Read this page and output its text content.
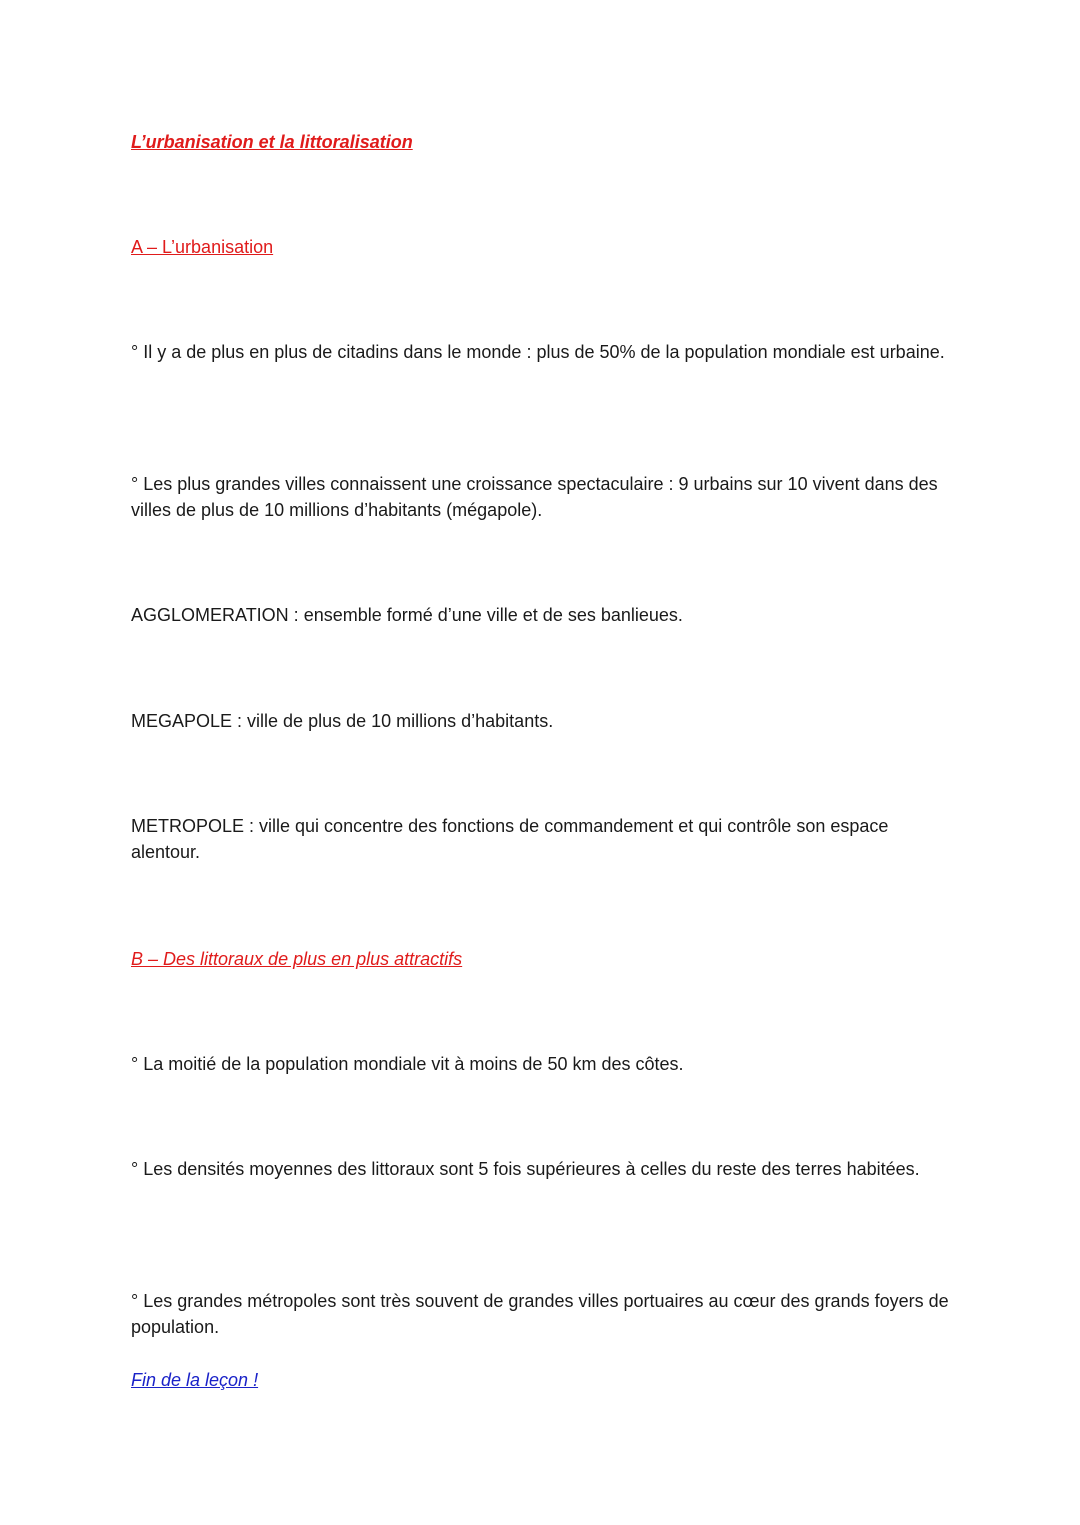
L’urbanisation et la littoralisation
A – L’urbanisation
° Il y a de plus en plus de citadins dans le monde : plus de 50% de la population mondiale est urbaine.
° Les plus grandes villes connaissent une croissance spectaculaire : 9 urbains sur 10 vivent dans des villes de plus de 10 millions d’habitants (mégapole).
AGGLOMERATION : ensemble formé d’une ville et de ses banlieues.
MEGAPOLE : ville de plus de 10 millions d’habitants.
METROPOLE : ville qui concentre des fonctions de commandement et qui contrôle son espace alentour.
B – Des littoraux de plus en plus attractifs
° La moitié de la population mondiale vit à moins de 50 km des côtes.
° Les densités moyennes des littoraux sont 5 fois supérieures à celles du reste des terres habitées.
° Les grandes métropoles sont très souvent de grandes villes portuaires au cœur des grands foyers de population.
Fin de la leçon !
